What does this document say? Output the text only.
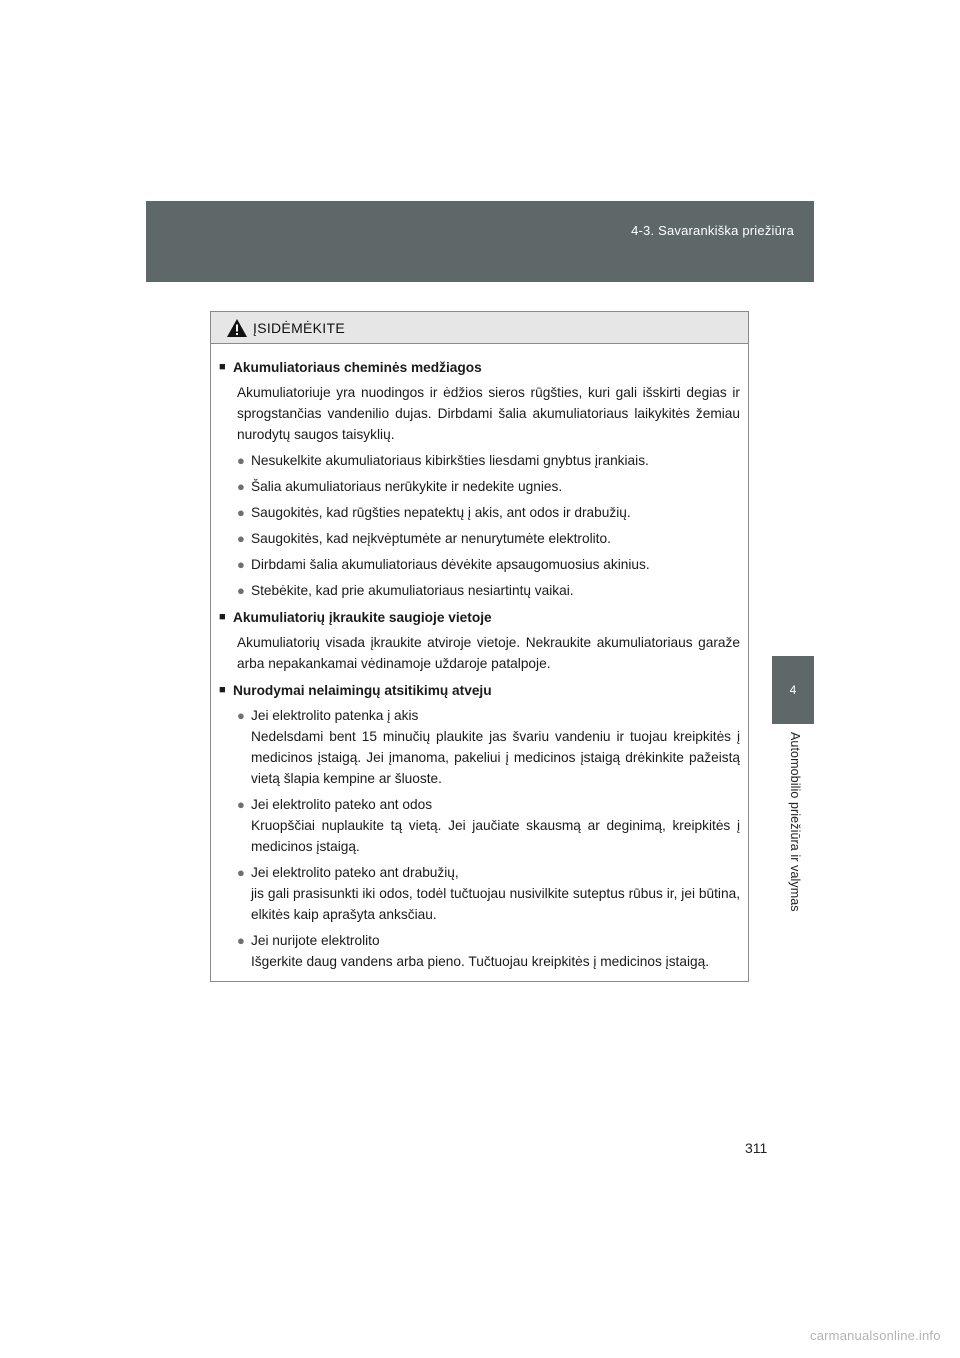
4-3. Savarankiška priežiūra
4
Automobilio priežiūra ir valymas
ĮSIDĖMĖKITE
■ Akumuliatoriaus cheminės medžiagos
Akumuliatoriuje yra nuodingos ir ėdžios sieros rūgšties, kuri gali išskirti degias ir sprogstančias vandenilio dujas. Dirbdami šalia akumuliatoriaus laikykitės žemiau nurodytų saugos taisyklių.
● Nesukelkite akumuliatoriaus kibirkšties liesdami gnybtus įrankiais.
● Šalia akumuliatoriaus nerūkykite ir nedekite ugnies.
● Saugokitės, kad rūgšties nepatektų į akis, ant odos ir drabužių.
● Saugokitės, kad neįkvėptumėte ar nenurytumėte elektrolito.
● Dirbdami šalia akumuliatoriaus dėvėkite apsaugomuosius akinius.
● Stebėkite, kad prie akumuliatoriaus nesiartintų vaikai.
■ Akumuliatorių įkraukite saugioje vietoje
Akumuliatorių visada įkraukite atviroje vietoje. Nekraukite akumuliatoriaus garaže arba nepakankamai vėdinamoje uždaroje patalpoje.
■ Nurodymai nelaimingų atsitikimų atveju
● Jei elektrolito patenka į akis
Nedelsdami bent 15 minučių plaukite jas švariu vandeniu ir tuojau kreipkitės į medicinos įstaigą. Jei įmanoma, pakeliui į medicinos įstaigą drėkinkite pažeistą vietą šlapia kempine ar šluoste.
● Jei elektrolito pateko ant odos
Kruopščiai nuplaukite tą vietą. Jei jaučiate skausmą ar deginimą, kreipkitės į medicinos įstaigą.
● Jei elektrolito pateko ant drabužių,
jis gali prasisunkti iki odos, todėl tučtuojau nusivilkite suteptus rūbus ir, jei būtina, elkitės kaip aprašyta anksčiau.
● Jei nurijote elektrolito
Išgerkite daug vandens arba pieno. Tučtuojau kreipkitės į medicinos įstaigą.
311
carmanualsonline.info
